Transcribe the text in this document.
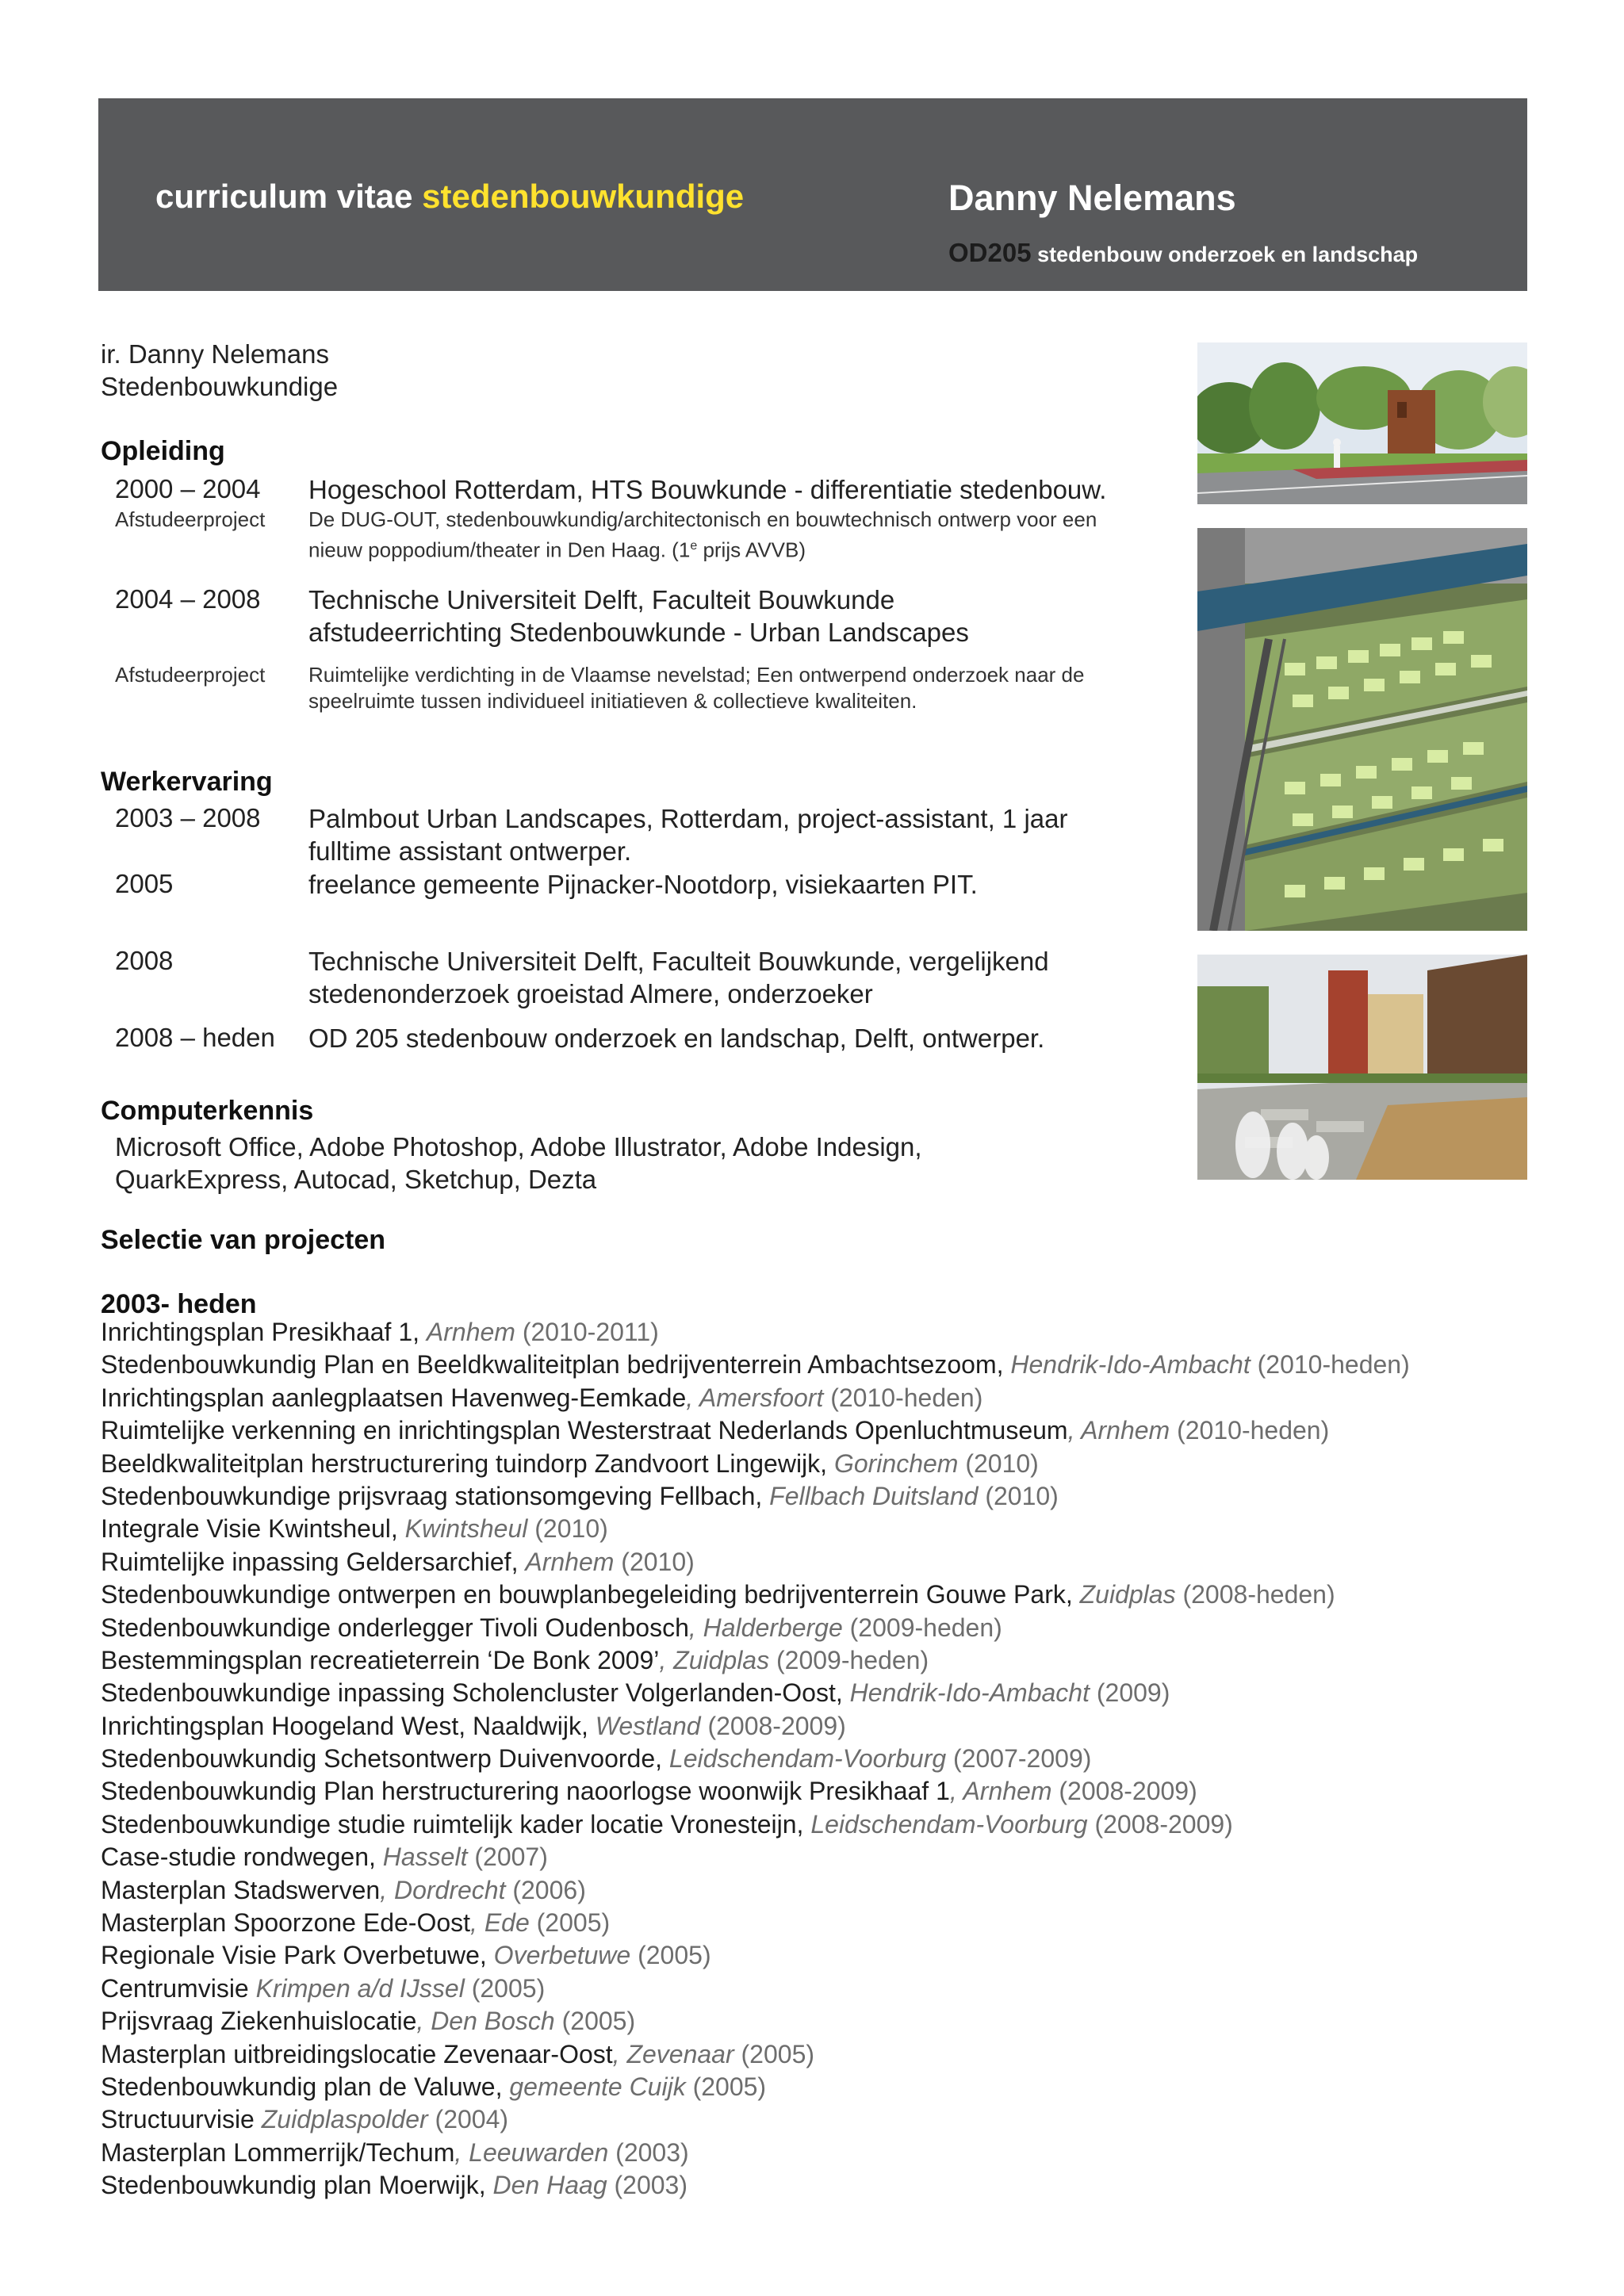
curriculum vitae stedenbouwkundige	Danny Nelemans
OD205 stedenbouw onderzoek en landschap
ir. Danny Nelemans
Stedenbouwkundige
Opleiding
2000 – 2004 Hogeschool Rotterdam, HTS Bouwkunde - differentiatie stedenbouw.
Afstudeerproject De DUG-OUT, stedenbouwkundig/architectonisch en bouwtechnisch ontwerp voor een
nieuw poppodium/theater in Den Haag. (1e prijs AVVB)
2004 – 2008 Technische Universiteit Delft, Faculteit Bouwkunde
afstudeerrichting Stedenbouwkunde - Urban Landscapes
Afstudeerproject Ruimtelijke verdichting in de Vlaamse nevelstad; Een ontwerpend onderzoek naar de
speelruimte tussen individueel initiatieven & collectieve kwaliteiten.
Werkervaring
2003 – 2008 Palmbout Urban Landscapes, Rotterdam, project-assistant, 1 jaar
fulltime assistant ontwerper.
2005	freelance gemeente Pijnacker-Nootdorp, visiekaarten PIT.
2008	Technische Universiteit Delft, Faculteit Bouwkunde, vergelijkend
stedenonderzoek groeistad Almere, onderzoeker
2008 – heden OD 205 stedenbouw onderzoek en landschap, Delft, ontwerper.
Computerkennis
Microsoft Office, Adobe Photoshop, Adobe Illustrator, Adobe Indesign,
QuarkExpress, Autocad, Sketchup, Dezta
Selectie van projecten
2003- heden
Inrichtingsplan Presikhaaf 1, Arnhem (2010-2011)
Stedenbouwkundig Plan en Beeldkwaliteitplan bedrijventerrein Ambachtsezoom, Hendrik-Ido-Ambacht (2010-heden)
Inrichtingsplan aanlegplaatsen Havenweg-Eemkade, Amersfoort (2010-heden)
Ruimtelijke verkenning en inrichtingsplan Westerstraat Nederlands Openluchtmuseum, Arnhem (2010-heden)
Beeldkwaliteitplan herstructurering tuindorp Zandvoort Lingewijk, Gorinchem (2010)
Stedenbouwkundige prijsvraag stationsomgeving Fellbach, Fellbach Duitsland (2010)
Integrale Visie Kwintsheul, Kwintsheul (2010)
Ruimtelijke inpassing Geldersarchief, Arnhem (2010)
Stedenbouwkundige ontwerpen en bouwplanbegeleiding bedrijventerrein Gouwe Park, Zuidplas (2008-heden)
Stedenbouwkundige onderlegger Tivoli Oudenbosch, Halderberge (2009-heden)
Bestemmingsplan recreatieterrein ‘De Bonk 2009’, Zuidplas (2009-heden)
Stedenbouwkundige inpassing Scholencluster Volgerlanden-Oost, Hendrik-Ido-Ambacht (2009)
Inrichtingsplan Hoogeland West, Naaldwijk, Westland (2008-2009)
Stedenbouwkundig Schetsontwerp Duivenvoorde, Leidschendam-Voorburg (2007-2009)
Stedenbouwkundig Plan herstructurering naoorlogse woonwijk Presikhaaf 1, Arnhem (2008-2009)
Stedenbouwkundige studie ruimtelijk kader locatie Vronesteijn, Leidschendam-Voorburg (2008-2009)
Case-studie rondwegen, Hasselt (2007)
Masterplan Stadswerven, Dordrecht (2006)
Masterplan Spoorzone Ede-Oost, Ede (2005)
Regionale Visie Park Overbetuwe, Overbetuwe (2005)
Centrumvisie Krimpen a/d IJssel (2005)
Prijsvraag Ziekenhuislocatie, Den Bosch (2005)
Masterplan uitbreidingslocatie Zevenaar-Oost, Zevenaar (2005)
Stedenbouwkundig plan de Valuwe, gemeente Cuijk (2005)
Structuurvisie Zuidplaspolder (2004)
Masterplan Lommerrijk/Techum, Leeuwarden (2003)
Stedenbouwkundig plan Moerwijk, Den Haag (2003)
